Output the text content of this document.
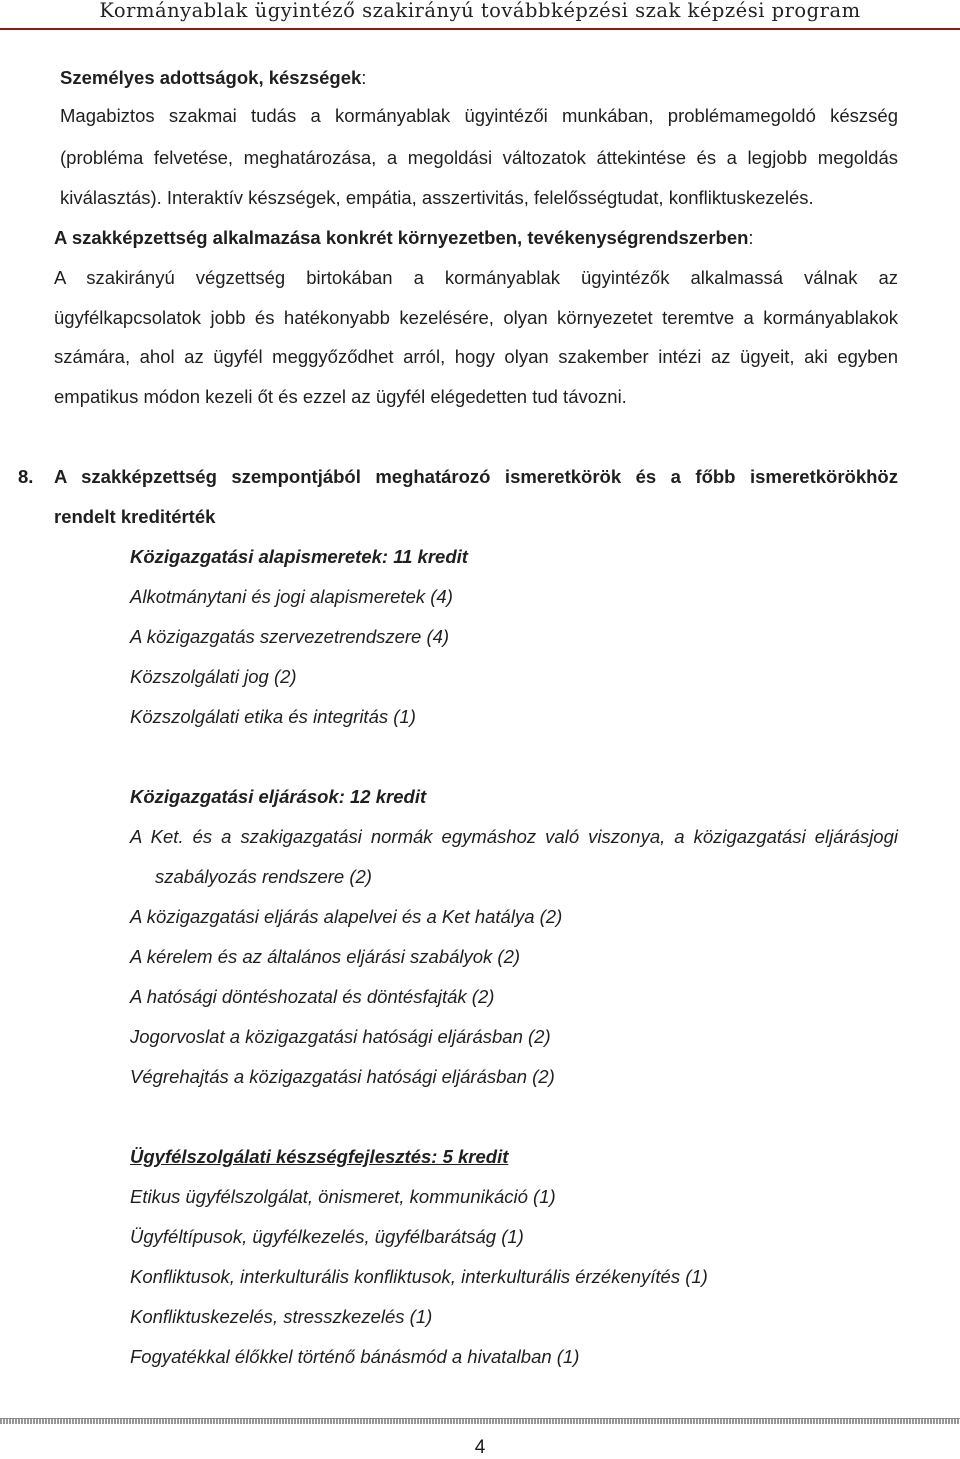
Kormányablak ügyintéző szakirányú továbbképzési szak képzési program
Személyes adottságok, készségek:
Magabiztos szakmai tudás a kormányablak ügyintézői munkában, problémamegoldó készség
(probléma felvetése, meghatározása, a megoldási változatok áttekintése és a legjobb megoldás
kiválasztás). Interaktív készségek, empátia, asszertivitás, felelősségtudat, konfliktuskezelés.
A szakképzettség alkalmazása konkrét környezetben, tevékenységrendszerben:
A szakirányú végzettség birtokában a kormányablak ügyintézők alkalmassá válnak az
ügyfélkapcsolatok jobb és hatékonyabb kezelésére, olyan környezetet teremtve a kormányablakok
számára, ahol az ügyfél meggyőződhet arról, hogy olyan szakember intézi az ügyeit, aki egyben
empatikus módon kezeli őt és ezzel az ügyfél elégedetten tud távozni.
8. A szakképzettség szempontjából meghatározó ismeretkörök és a főbb ismeretkörökhöz
rendelt kreditérték
Közigazgatási alapismeretek: 11 kredit
Alkotmánytani és jogi alapismeretek (4)
A közigazgatás szervezetrendszere (4)
Közszolgálati jog (2)
Közszolgálati etika és integritás (1)
Közigazgatási eljárások: 12 kredit
A Ket. és a szakigazgatási normák egymáshoz való viszonya, a közigazgatási eljárásjogi
szabályozás rendszere (2)
A közigazgatási eljárás alapelvei és a Ket hatálya (2)
A kérelem és az általános eljárási szabályok (2)
A hatósági döntéshozatal és döntésfajták (2)
Jogorvoslat a közigazgatási hatósági eljárásban (2)
Végrehajtás a közigazgatási hatósági eljárásban (2)
Ügyfélszolgálati készségfejlesztés: 5 kredit
Etikus ügyfélszolgálat, önismeret, kommunikáció (1)
Ügyféltípusok, ügyfélkezelés, ügyfélbarátság (1)
Konfliktusok, interkulturális konfliktusok, interkulturális érzékenyítés (1)
Konfliktuskezelés, stresszkezelés (1)
Fogyatékkal élőkkel történő bánásmód a hivatalban (1)
4
